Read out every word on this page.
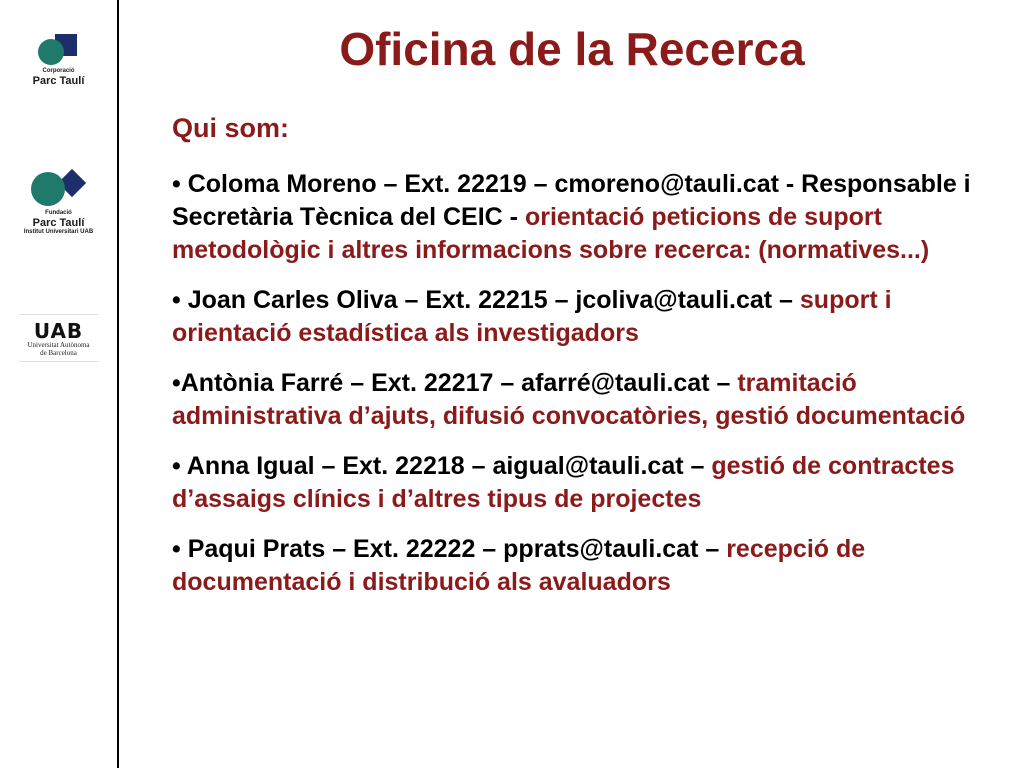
Corporació
Parc Taulí
Fundació
Parc Taulí
Institut Universitari UAB
UAB
Universitat Autònoma
de Barcelona
Oficina de la Recerca
Qui som:
• Coloma Moreno – Ext. 22219 – cmoreno@tauli.cat - Responsable i Secretària Tècnica del CEIC - orientació peticions de suport metodològic i altres informacions sobre recerca: (normatives...)
• Joan Carles Oliva – Ext. 22215 – jcoliva@tauli.cat – suport i orientació estadística als investigadors
•Antònia Farré – Ext. 22217 – afarré@tauli.cat – tramitació administrativa d’ajuts, difusió convocatòries, gestió documentació
• Anna Igual – Ext. 22218 – aigual@tauli.cat – gestió de contractes d’assaigs clínics i d’altres tipus de projectes
• Paqui Prats – Ext. 22222 – pprats@tauli.cat – recepció de documentació i distribució als avaluadors
